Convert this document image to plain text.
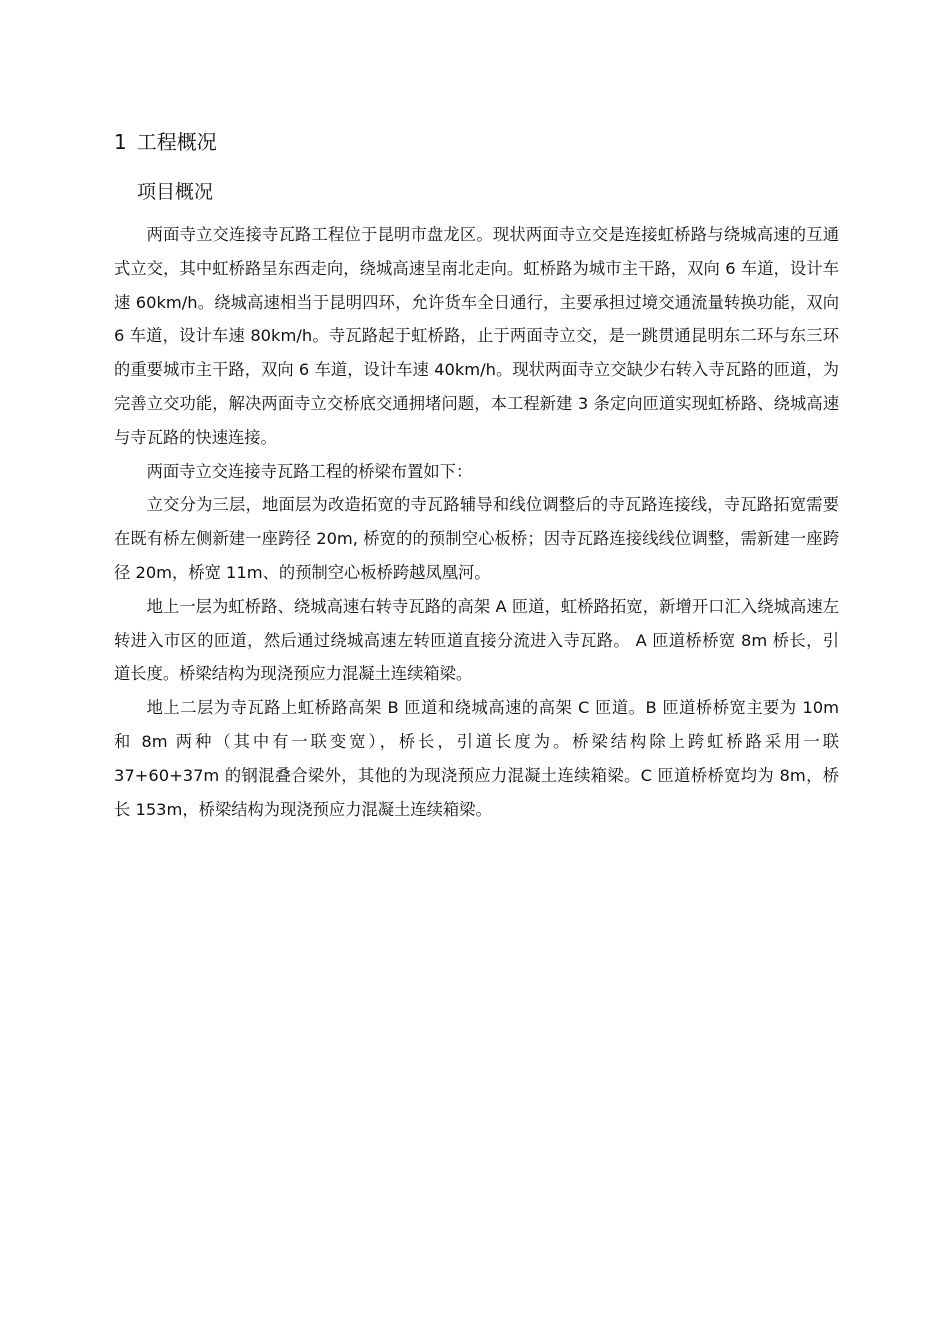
1 工程概况
项目概况

两面寺立交连接寺瓦路工程位于昆明市盘龙区。现状两面寺立交是连接虹桥路与绕城高速的互通式立交，其中虹桥路呈东西走向，绕城高速呈南北走向。虹桥路为城市主干路，双向 6 车道，设计车速 60km/h。绕城高速相当于昆明四环，允许货车全日通行，主要承担过境交通流量转换功能，双向 6 车道，设计车速 80km/h。寺瓦路起于虹桥路，止于两面寺立交，是一跳贯通昆明东二环与东三环的重要城市主干路，双向 6 车道，设计车速 40km/h。现状两面寺立交缺少右转入寺瓦路的匝道，为完善立交功能，解决两面寺立交桥底交通拥堵问题，本工程新建 3 条定向匝道实现虹桥路、绕城高速与寺瓦路的快速连接。

两面寺立交连接寺瓦路工程的桥梁布置如下：

立交分为三层，地面层为改造拓宽的寺瓦路辅导和线位调整后的寺瓦路连接线，寺瓦路拓宽需要在既有桥左侧新建一座跨径 20m, 桥宽的的预制空心板桥；因寺瓦路连接线线位调整，需新建一座跨径 20m，桥宽 11m、的预制空心板桥跨越凤凰河。

地上一层为虹桥路、绕城高速右转寺瓦路的高架 A 匝道，虹桥路拓宽，新增开口汇入绕城高速左转进入市区的匝道，然后通过绕城高速左转匝道直接分流进入寺瓦路。 A 匝道桥桥宽 8m 桥长，引道长度。桥梁结构为现浇预应力混凝土连续箱梁。

地上二层为寺瓦路上虹桥路高架 B 匝道和绕城高速的高架 C 匝道。B 匝道桥桥宽主要为 10m 和 8m 两种（其中有一联变宽），桥长，引道长度为。桥梁结构除上跨虹桥路采用一联 37+60+37m 的钢混叠合梁外，其他的为现浇预应力混凝土连续箱梁。C 匝道桥桥宽均为 8m，桥长 153m，桥梁结构为现浇预应力混凝土连续箱梁。
